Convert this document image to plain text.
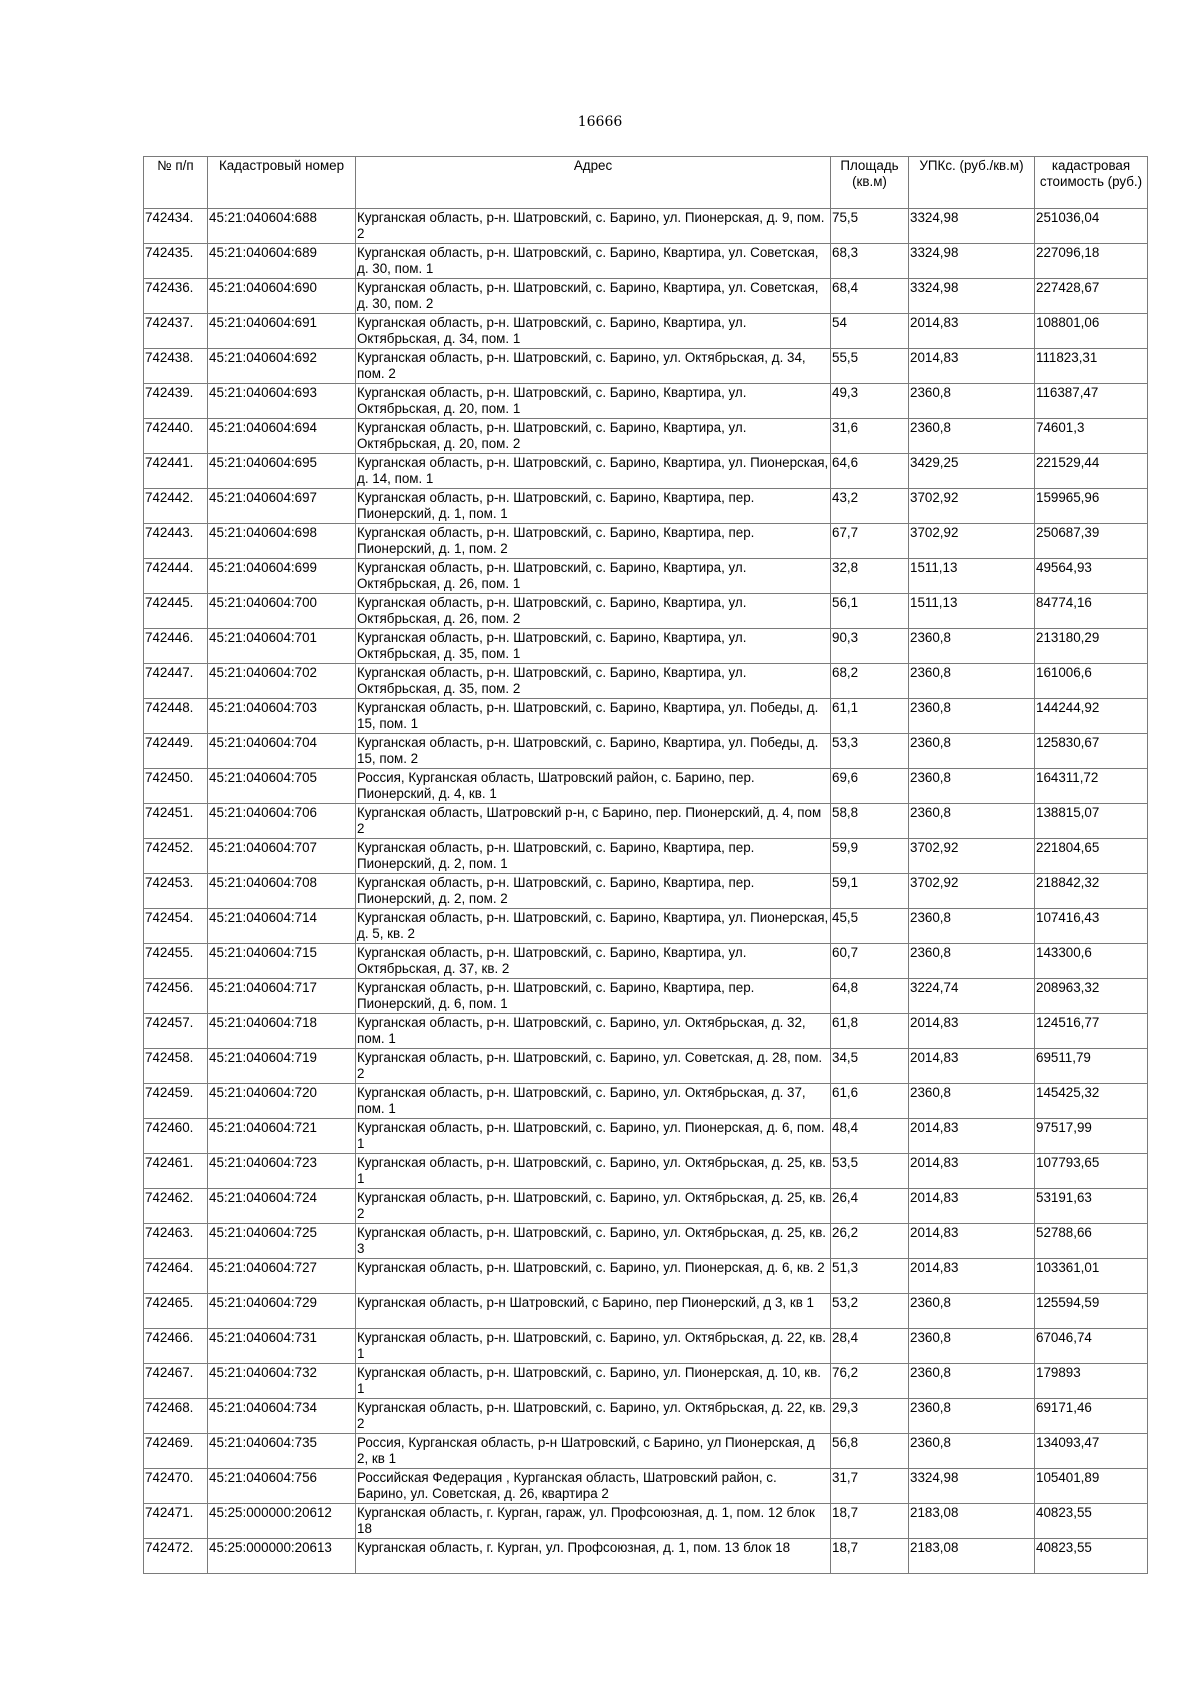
16666
№ п/п	Кадастровый номер	Адрес	Площадь (кв.м)	УПКс. (руб./кв.м)	кадастровая стоимость (руб.)
742434.	45:21:040604:688	Курганская область, р-н. Шатровский, с. Барино, ул. Пионерская, д. 9, пом. 2	75,5	3324,98	251036,04
742435.	45:21:040604:689	Курганская область, р-н. Шатровский, с. Барино, Квартира, ул. Советская, д. 30, пом. 1	68,3	3324,98	227096,18
742436.	45:21:040604:690	Курганская область, р-н. Шатровский, с. Барино, Квартира, ул. Советская, д. 30, пом. 2	68,4	3324,98	227428,67
742437.	45:21:040604:691	Курганская область, р-н. Шатровский, с. Барино, Квартира, ул. Октябрьская, д. 34, пом. 1	54	2014,83	108801,06
742438.	45:21:040604:692	Курганская область, р-н. Шатровский, с. Барино, ул. Октябрьская, д. 34, пом. 2	55,5	2014,83	111823,31
742439.	45:21:040604:693	Курганская область, р-н. Шатровский, с. Барино, Квартира, ул. Октябрьская, д. 20, пом. 1	49,3	2360,8	116387,47
742440.	45:21:040604:694	Курганская область, р-н. Шатровский, с. Барино, Квартира, ул. Октябрьская, д. 20, пом. 2	31,6	2360,8	74601,3
742441.	45:21:040604:695	Курганская область, р-н. Шатровский, с. Барино, Квартира, ул. Пионерская, д. 14, пом. 1	64,6	3429,25	221529,44
742442.	45:21:040604:697	Курганская область, р-н. Шатровский, с. Барино, Квартира, пер. Пионерский, д. 1, пом. 1	43,2	3702,92	159965,96
742443.	45:21:040604:698	Курганская область, р-н. Шатровский, с. Барино, Квартира, пер. Пионерский, д. 1, пом. 2	67,7	3702,92	250687,39
742444.	45:21:040604:699	Курганская область, р-н. Шатровский, с. Барино, Квартира, ул. Октябрьская, д. 26, пом. 1	32,8	1511,13	49564,93
742445.	45:21:040604:700	Курганская область, р-н. Шатровский, с. Барино, Квартира, ул. Октябрьская, д. 26, пом. 2	56,1	1511,13	84774,16
742446.	45:21:040604:701	Курганская область, р-н. Шатровский, с. Барино, Квартира, ул. Октябрьская, д. 35, пом. 1	90,3	2360,8	213180,29
742447.	45:21:040604:702	Курганская область, р-н. Шатровский, с. Барино, Квартира, ул. Октябрьская, д. 35, пом. 2	68,2	2360,8	161006,6
742448.	45:21:040604:703	Курганская область, р-н. Шатровский, с. Барино, Квартира, ул. Победы, д. 15, пом. 1	61,1	2360,8	144244,92
742449.	45:21:040604:704	Курганская область, р-н. Шатровский, с. Барино, Квартира, ул. Победы, д. 15, пом. 2	53,3	2360,8	125830,67
742450.	45:21:040604:705	Россия, Курганская область, Шатровский район, с. Барино, пер. Пионерский, д. 4, кв. 1	69,6	2360,8	164311,72
742451.	45:21:040604:706	Курганская область, Шатровский р-н, с Барино, пер. Пионерский, д. 4, пом 2	58,8	2360,8	138815,07
742452.	45:21:040604:707	Курганская область, р-н. Шатровский, с. Барино, Квартира, пер. Пионерский, д. 2, пом. 1	59,9	3702,92	221804,65
742453.	45:21:040604:708	Курганская область, р-н. Шатровский, с. Барино, Квартира, пер. Пионерский, д. 2, пом. 2	59,1	3702,92	218842,32
742454.	45:21:040604:714	Курганская область, р-н. Шатровский, с. Барино, Квартира, ул. Пионерская, д. 5, кв. 2	45,5	2360,8	107416,43
742455.	45:21:040604:715	Курганская область, р-н. Шатровский, с. Барино, Квартира, ул. Октябрьская, д. 37, кв. 2	60,7	2360,8	143300,6
742456.	45:21:040604:717	Курганская область, р-н. Шатровский, с. Барино, Квартира, пер. Пионерский, д. 6, пом. 1	64,8	3224,74	208963,32
742457.	45:21:040604:718	Курганская область, р-н. Шатровский, с. Барино, ул. Октябрьская, д. 32, пом. 1	61,8	2014,83	124516,77
742458.	45:21:040604:719	Курганская область, р-н. Шатровский, с. Барино, ул. Советская, д. 28, пом. 2	34,5	2014,83	69511,79
742459.	45:21:040604:720	Курганская область, р-н. Шатровский, с. Барино, ул. Октябрьская, д. 37, пом. 1	61,6	2360,8	145425,32
742460.	45:21:040604:721	Курганская область, р-н. Шатровский, с. Барино, ул. Пионерская, д. 6, пом. 1	48,4	2014,83	97517,99
742461.	45:21:040604:723	Курганская область, р-н. Шатровский, с. Барино, ул. Октябрьская, д. 25, кв. 1	53,5	2014,83	107793,65
742462.	45:21:040604:724	Курганская область, р-н. Шатровский, с. Барино, ул. Октябрьская, д. 25, кв. 2	26,4	2014,83	53191,63
742463.	45:21:040604:725	Курганская область, р-н. Шатровский, с. Барино, ул. Октябрьская, д. 25, кв. 3	26,2	2014,83	52788,66
742464.	45:21:040604:727	Курганская область, р-н. Шатровский, с. Барино, ул. Пионерская, д. 6, кв. 2	51,3	2014,83	103361,01
742465.	45:21:040604:729	Курганская область, р-н Шатровский, с Барино, пер Пионерский, д 3, кв 1	53,2	2360,8	125594,59
742466.	45:21:040604:731	Курганская область, р-н. Шатровский, с. Барино, ул. Октябрьская, д. 22, кв. 1	28,4	2360,8	67046,74
742467.	45:21:040604:732	Курганская область, р-н. Шатровский, с. Барино, ул. Пионерская, д. 10, кв. 1	76,2	2360,8	179893
742468.	45:21:040604:734	Курганская область, р-н. Шатровский, с. Барино, ул. Октябрьская, д. 22, кв. 2	29,3	2360,8	69171,46
742469.	45:21:040604:735	Россия, Курганская область, р-н Шатровский, с Барино, ул Пионерская, д 2, кв 1	56,8	2360,8	134093,47
742470.	45:21:040604:756	Российская Федерация , Курганская область, Шатровский район, с. Барино, ул. Советская, д. 26, квартира 2	31,7	3324,98	105401,89
742471.	45:25:000000:20612	Курганская область, г. Курган, гараж, ул. Профсоюзная, д. 1, пом. 12 блок 18	18,7	2183,08	40823,55
742472.	45:25:000000:20613	Курганская область, г. Курган, ул. Профсоюзная, д. 1, пом. 13 блок 18	18,7	2183,08	40823,55
